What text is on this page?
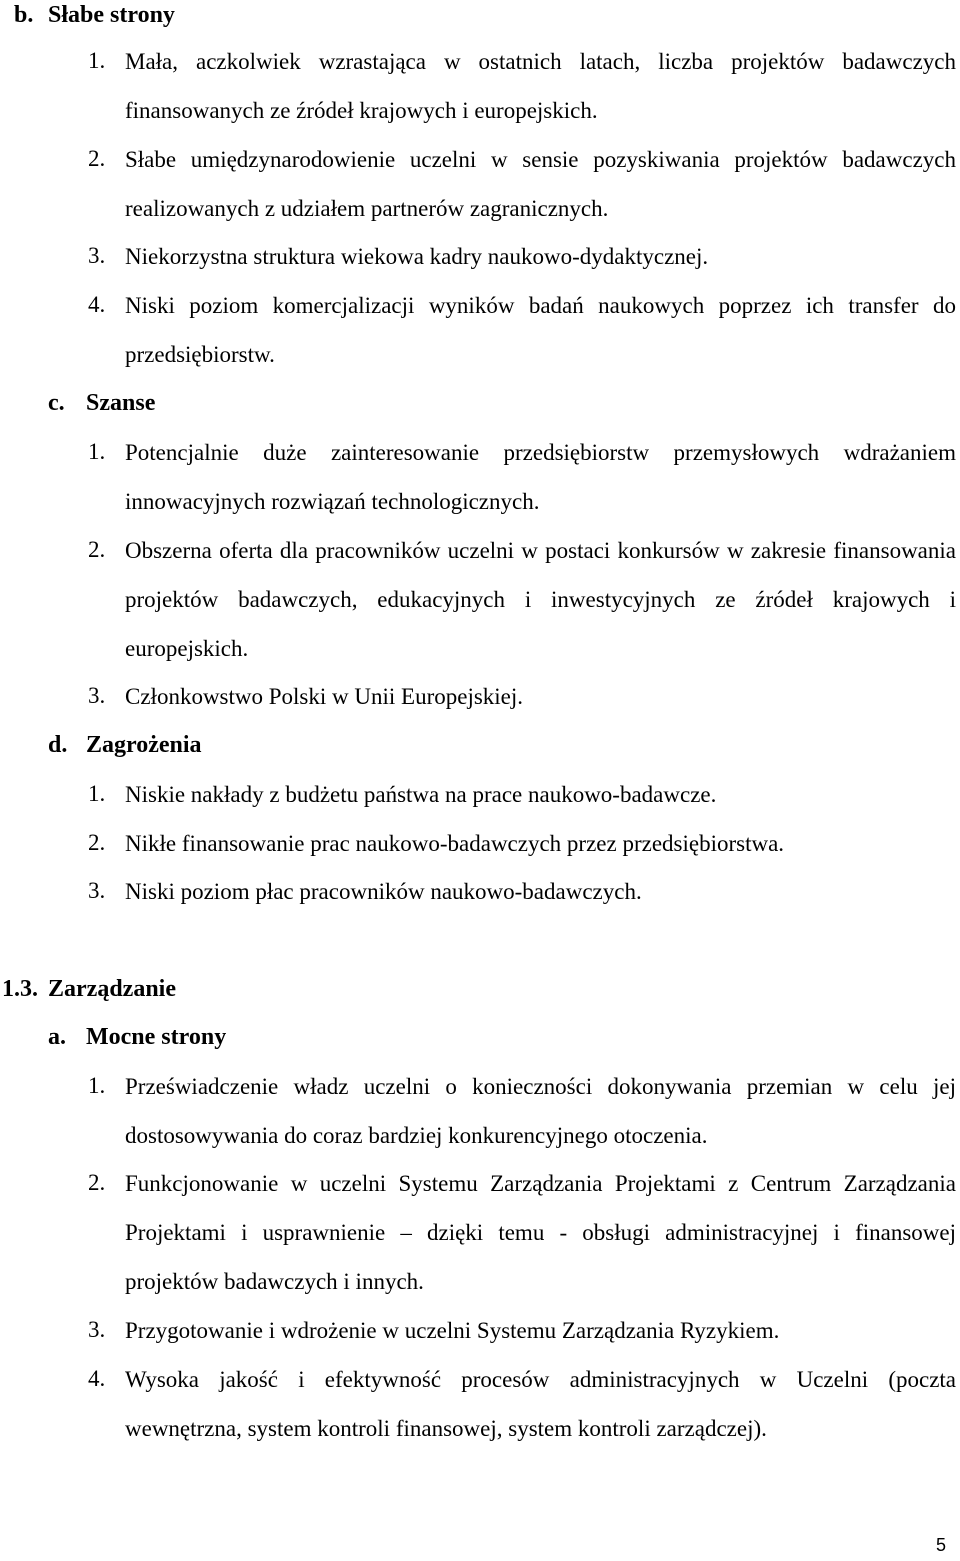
b. Słabe strony
1. Mała, aczkolwiek wzrastająca w ostatnich latach, liczba projektów badawczych finansowanych ze źródeł krajowych i europejskich.
2. Słabe umiędzynarodowienie uczelni w sensie pozyskiwania projektów badawczych realizowanych z udziałem partnerów zagranicznych.
3. Niekorzystna struktura wiekowa kadry naukowo-dydaktycznej.
4. Niski poziom komercjalizacji wyników badań naukowych poprzez ich transfer do przedsiębiorstw.
c. Szanse
1. Potencjalnie duże zainteresowanie przedsiębiorstw przemysłowych wdrażaniem innowacyjnych rozwiązań technologicznych.
2. Obszerna oferta dla pracowników uczelni w postaci konkursów w zakresie finansowania projektów badawczych, edukacyjnych i inwestycyjnych ze źródeł krajowych i europejskich.
3. Członkowstwo Polski w Unii Europejskiej.
d. Zagrożenia
1. Niskie nakłady z budżetu państwa na prace naukowo-badawcze.
2. Nikłe finansowanie prac naukowo-badawczych przez przedsiębiorstwa.
3. Niski poziom płac pracowników naukowo-badawczych.
1.3. Zarządzanie
a. Mocne strony
1. Przeświadczenie władz uczelni o konieczności dokonywania przemian w celu jej dostosowywania do coraz bardziej konkurencyjnego otoczenia.
2. Funkcjonowanie w uczelni Systemu Zarządzania Projektami z Centrum Zarządzania Projektami i usprawnienie – dzięki temu - obsługi administracyjnej i finansowej projektów badawczych i innych.
3. Przygotowanie i wdrożenie w uczelni Systemu Zarządzania Ryzykiem.
4. Wysoka jakość i efektywność procesów administracyjnych w Uczelni (poczta wewnętrzna, system kontroli finansowej, system kontroli zarządczej).
5
